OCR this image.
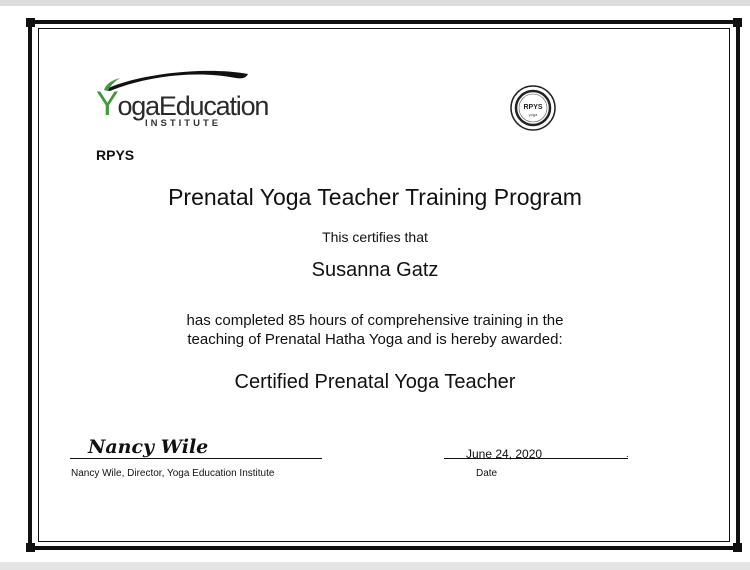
YogaEducation
INSTITUTE
RPYS
RPYS
yoga
Prenatal Yoga Teacher Training Program
This certifies that
Susanna Gatz
has completed 85 hours of comprehensive training in the
teaching of Prenatal Hatha Yoga and is hereby awarded:
Certified Prenatal Yoga Teacher
Nancy Wile
Nancy Wile, Director, Yoga Education Institute
June 24, 2020	.
Date
